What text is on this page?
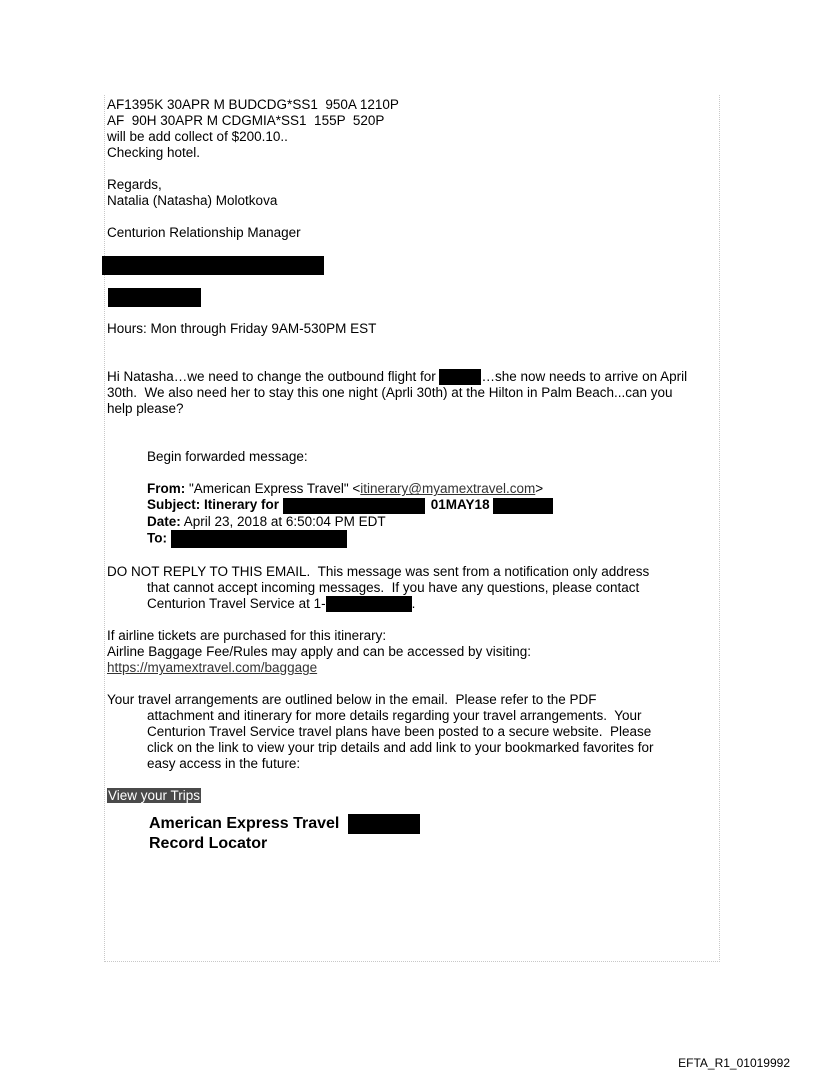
AF1395K 30APR M BUDCDG*SS1  950A 1210P
AF  90H 30APR M CDGMIA*SS1  155P  520P
will be add collect of $200.10..
Checking hotel.
Regards,
Natalia (Natasha) Molotkova
Centurion Relationship Manager
Hours: Mon through Friday 9AM-530PM EST
Hi Natasha…we need to change the outbound flight for	…she now needs to arrive on April
30th.  We also need her to stay this one night (Aprli 30th) at the Hilton in Palm Beach...can you
help please?
Begin forwarded message:
From: "American Express Travel" <itinerary@myamextravel.com>
Subject: Itinerary for	01MAY18
Date: April 23, 2018 at 6:50:04 PM EDT
To:
DO NOT REPLY TO THIS EMAIL.  This message was sent from a notification only address
that cannot accept incoming messages.  If you have any questions, please contact
Centurion Travel Service at 1-	.
If airline tickets are purchased for this itinerary:
Airline Baggage Fee/Rules may apply and can be accessed by visiting:
https://myamextravel.com/baggage
Your travel arrangements are outlined below in the email.  Please refer to the PDF
attachment and itinerary for more details regarding your travel arrangements.  Your
Centurion Travel Service travel plans have been posted to a secure website.  Please
click on the link to view your trip details and add link to your bookmarked favorites for
easy access in the future:
View your Trips
American Express Travel
Record Locator
EFTA_R1_01019992
